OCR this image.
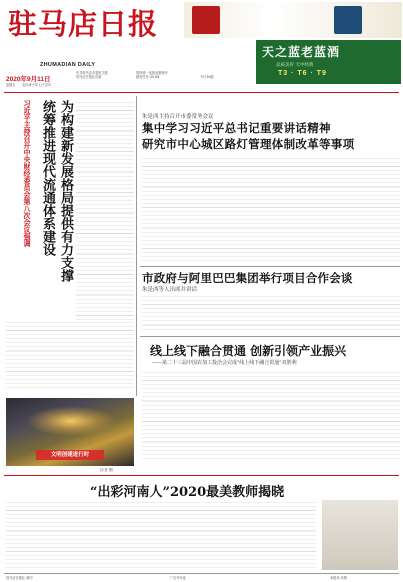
驻马店日报
ZHUMADIAN DAILY
2020年9月11日
星期五 农历庚子年七月廿四
中共驻马店市委机关报
驻马店日报社出版
国内统一连续出版物号
邮发代号:35-84	今日16版
天之蓝老蓝酒
品质美好 天中经典
T3 · T6 · T9
为构建新发展格局提供有力支撑
统筹推进现代流通体系建设
习近平主持召开中央财经委员会第八次会议强调	朱是西主持召开市委常务会议
集中学习习近平总书记重要讲话精神
研究市中心城区路灯管理体制改革等事项
市政府与阿里巴巴集团举行项目合作会谈
朱是西等人出席并讲话
线上线下融合贯通 创新引领产业振兴
——第二十三届中国农加工投洽会完成"线上线下融合贯通"双胜利
文明创建进行时
(记者 摄)
“出彩河南人”2020最美教师揭晓
驻马店日报社 承印	广告许可证	本报讯 价格
